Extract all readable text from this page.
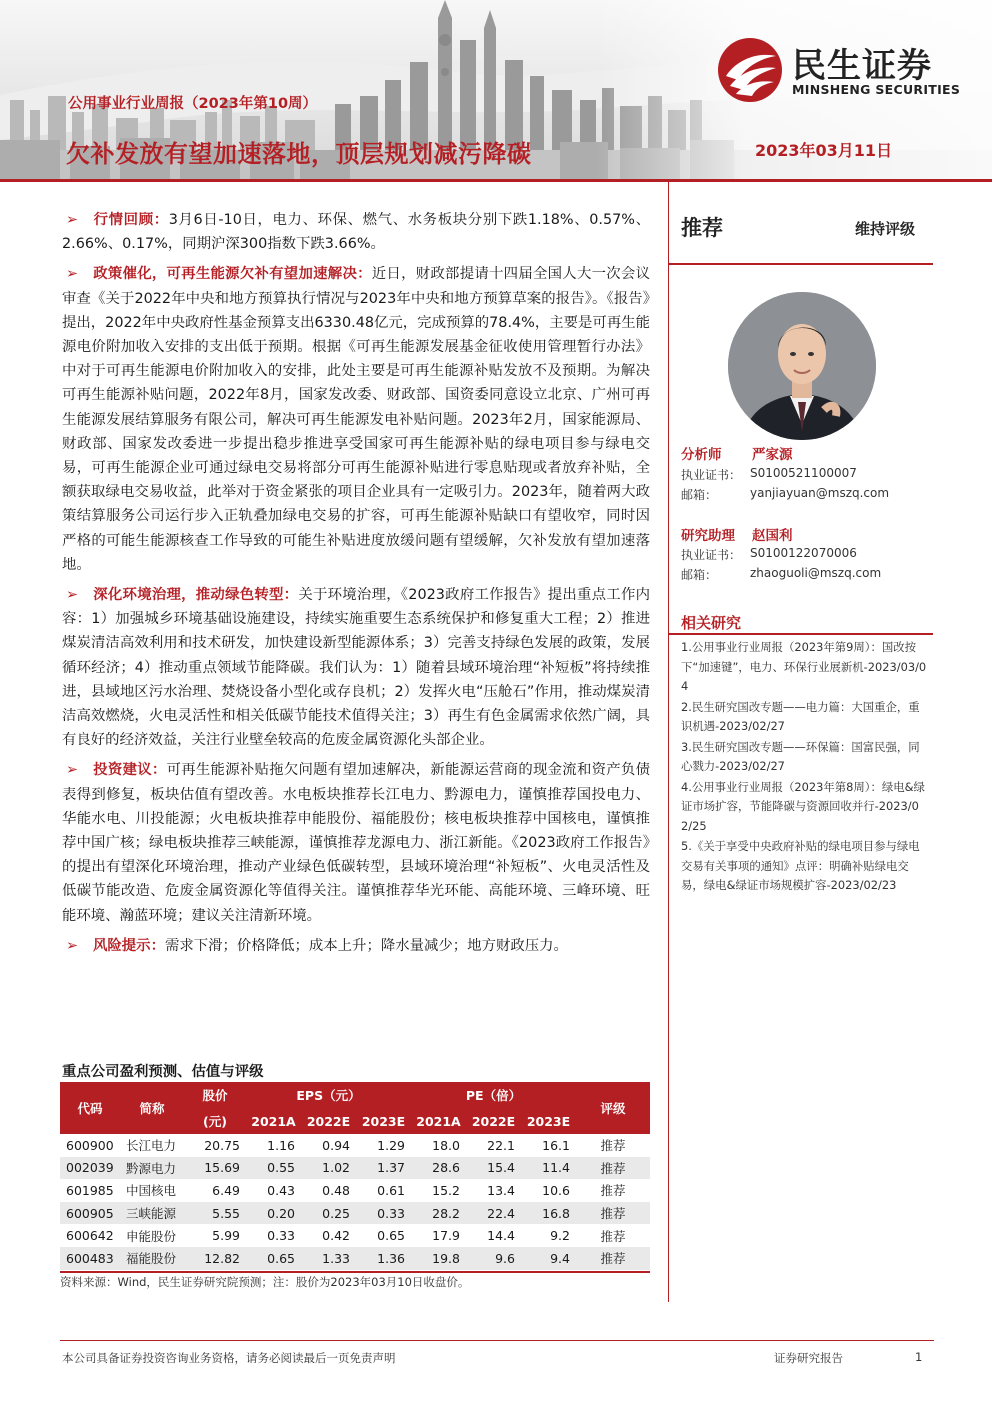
民生证券
MINSHENG SECURITIES
公用事业行业周报（2023年第10周）
欠补发放有望加速落地，顶层规划减污降碳	2023年03月11日

➢ 行情回顾：3月6日-10日，电力、环保、燃气、水务板块分别下跌1.18%、0.57%、2.66%、0.17%，同期沪深300指数下跌3.66%。

➢ 政策催化，可再生能源欠补有望加速解决：近日，财政部提请十四届全国人大一次会议审查《关于2022年中央和地方预算执行情况与2023年中央和地方预算草案的报告》。《报告》提出，2022年中央政府性基金预算支出6330.48亿元，完成预算的78.4%，主要是可再生能源电价附加收入安排的支出低于预期。根据《可再生能源发展基金征收使用管理暂行办法》中对于可再生能源电价附加收入的安排，此处主要是可再生能源补贴发放不及预期。为解决可再生能源补贴问题，2022年8月，国家发改委、财政部、国资委同意设立北京、广州可再生能源发展结算服务有限公司，解决可再生能源发电补贴问题。2023年2月，国家能源局、财政部、国家发改委进一步提出稳步推进享受国家可再生能源补贴的绿电项目参与绿电交易，可再生能源企业可通过绿电交易将部分可再生能源补贴进行零息贴现或者放弃补贴，全额获取绿电交易收益，此举对于资金紧张的项目企业具有一定吸引力。2023年，随着两大政策结算服务公司运行步入正轨叠加绿电交易的扩容，可再生能源补贴缺口有望收窄，同时因严格的可能生能源核查工作导致的可能生补贴进度放缓问题有望缓解，欠补发放有望加速落地。

➢ 深化环境治理，推动绿色转型：关于环境治理，《2023政府工作报告》提出重点工作内容：1）加强城乡环境基础设施建设，持续实施重要生态系统保护和修复重大工程；2）推进煤炭清洁高效利用和技术研发，加快建设新型能源体系；3）完善支持绿色发展的政策，发展循环经济；4）推动重点领域节能降碳。我们认为：1）随着县域环境治理“补短板”将持续推进，县域地区污水治理、焚烧设备小型化或存良机；2）发挥火电“压舱石”作用，推动煤炭清洁高效燃烧，火电灵活性和相关低碳节能技术值得关注；3）再生有色金属需求依然广阔，具有良好的经济效益，关注行业壁垒较高的危废金属资源化头部企业。

➢ 投资建议：可再生能源补贴拖欠问题有望加速解决，新能源运营商的现金流和资产负债表得到修复，板块估值有望改善。水电板块推荐长江电力、黔源电力，谨慎推荐国投电力、华能水电、川投能源；火电板块推荐申能股份、福能股份；核电板块推荐中国核电，谨慎推荐中国广核；绿电板块推荐三峡能源，谨慎推荐龙源电力、浙江新能。《2023政府工作报告》的提出有望深化环境治理，推动产业绿色低碳转型，县域环境治理“补短板”、火电灵活性及低碳节能改造、危废金属资源化等值得关注。谨慎推荐华光环能、高能环境、三峰环境、旺能环境、瀚蓝环境；建议关注清新环境。

➢ 风险提示：需求下滑；价格降低；成本上升；降水量减少；地方财政压力。

重点公司盈利预测、估值与评级
代码	简称	股价	EPS（元）			PE（倍）			评级
		(元)	2021A	2022E	2023E	2021A	2022E	2023E	
600900	长江电力	20.75	1.16	0.94	1.29	18.0	22.1	16.1	推荐
002039	黔源电力	15.69	0.55	1.02	1.37	28.6	15.4	11.4	推荐
601985	中国核电	6.49	0.43	0.48	0.61	15.2	13.4	10.6	推荐
600905	三峡能源	5.55	0.20	0.25	0.33	28.2	22.4	16.8	推荐
600642	申能股份	5.99	0.33	0.42	0.65	17.9	14.4	9.2	推荐
600483	福能股份	12.82	0.65	1.33	1.36	19.8	9.6	9.4	推荐
资料来源：Wind，民生证券研究院预测；注：股价为2023年03月10日收盘价。
推荐	维持评级
分析师 严家源
执业证书： S0100521100007
邮箱：	yanjiayuan@mszq.com
研究助理 赵国利
执业证书： S0100122070006
邮箱：	zhaoguoli@mszq.com
相关研究
1.公用事业行业周报（2023年第9周）：国改按下“加速键”，电力、环保行业展新机-2023/03/04
2.民生研究国改专题——电力篇：大国重企，重识机遇-2023/02/27
3.民生研究国改专题——环保篇：国富民强，同心戮力-2023/02/27
4.公用事业行业周报（2023年第8周）：绿电&绿证市场扩容，节能降碳与资源回收并行-2023/02/25
5.《关于享受中央政府补贴的绿电项目参与绿电交易有关事项的通知》点评：明确补贴绿电交易，绿电&绿证市场规模扩容-2023/02/23
本公司具备证券投资咨询业务资格，请务必阅读最后一页免责声明	证券研究报告	1
